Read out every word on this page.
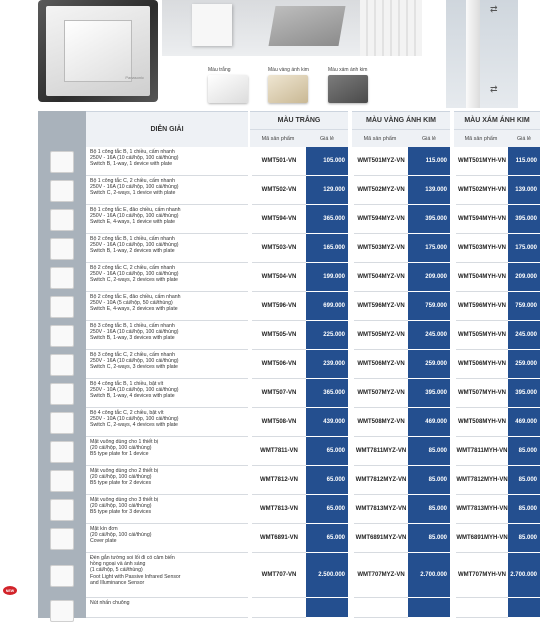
Panasonic
Màu trắng	Màu vàng ánh kim	Màu xám ánh kim
⇄
⇄
DIỄN GIẢI
MÀU TRẮNG	MÀU VÀNG ÁNH KIM	MÀU XÁM ÁNH KIM
Mã sản phẩm	Giá lẻ	Mã sản phẩm	Giá lẻ	Mã sản phẩm	Giá lẻ
Bộ 1 công tắc B, 1 chiều, cấm nhanh
250V - 16A (10 cái/hộp, 100 cái/thùng)
Switch B, 1-way, 1 device with plate
WMT501-VN	105.000	WMT501MYZ-VN	115.000	WMT501MYH-VN	115.000
Bộ 1 công tắc C, 2 chiều, cấm nhanh
250V - 16A (10 cái/hộp, 100 cái/thùng)
Switch C, 2-ways, 1 device with plate
WMT502-VN	129.000	WMT502MYZ-VN	139.000	WMT502MYH-VN	139.000
Bộ 1 công tắc E, đảo chiều, cấm nhanh
250V - 16A (10 cái/hộp, 100 cái/thùng)
Switch E, 4-ways, 1 device with plate
WMT594-VN	365.000	WMT594MYZ-VN	395.000	WMT594MYH-VN	395.000
Bộ 2 công tắc B, 1 chiều, cấm nhanh
250V - 16A (10 cái/hộp, 100 cái/thùng)
Switch B, 1-way, 2 devices with plate
WMT503-VN	165.000	WMT503MYZ-VN	175.000	WMT503MYH-VN	175.000
Bộ 2 công tắc C, 2 chiều, cấm nhanh
250V - 16A (10 cái/hộp, 100 cái/thùng)
Switch C, 2-ways, 2 devices with plate
WMT504-VN	199.000	WMT504MYZ-VN	209.000	WMT504MYH-VN	209.000
Bộ 2 công tắc E, đảo chiều, cấm nhanh
250V - 10A (5 cái/hộp, 50 cái/thùng)
Switch E, 4-ways, 2 devices with plate
WMT596-VN	699.000	WMT596MYZ-VN	759.000	WMT596MYH-VN	759.000
Bộ 3 công tắc B, 1 chiều, cấm nhanh
250V - 16A (10 cái/hộp, 100 cái/thùng)
Switch B, 1-way, 3 devices with plate
WMT505-VN	225.000	WMT505MYZ-VN	245.000	WMT505MYH-VN	245.000
Bộ 3 công tắc C, 2 chiều, cấm nhanh
250V - 16A (10 cái/hộp, 100 cái/thùng)
Switch C, 2-ways, 3 devices with plate
WMT506-VN	239.000	WMT506MYZ-VN	259.000	WMT506MYH-VN	259.000
Bộ 4 công tắc B, 1 chiều, bật vít
250V - 10A (10 cái/hộp, 100 cái/thùng)
Switch B, 1-way, 4 devices with plate
WMT507-VN	365.000	WMT507MYZ-VN	395.000	WMT507MYH-VN	395.000
Bộ 4 công tắc C, 2 chiều, bật vít
250V - 10A (10 cái/hộp, 100 cái/thùng)
Switch C, 2-ways, 4 devices with plate
WMT508-VN	439.000	WMT508MYZ-VN	469.000	WMT508MYH-VN	469.000
Mặt vuông dùng cho 1 thiết bị
(20 cái/hộp, 100 cái/thùng)
B5 type plate for 1 device
WMT7811-VN	65.000	WMT7811MYZ-VN	85.000	WMT7811MYH-VN	85.000
Mặt vuông dùng cho 2 thiết bị
(20 cái/hộp, 100 cái/thùng)
B5 type plate for 2 devices
WMT7812-VN	65.000	WMT7812MYZ-VN	85.000	WMT7812MYH-VN	85.000
Mặt vuông dùng cho 3 thiết bị
(20 cái/hộp, 100 cái/thùng)
B5 type plate for 3 devices
WMT7813-VN	65.000	WMT7813MYZ-VN	85.000	WMT7813MYH-VN	85.000
Mặt kín đơn
(20 cái/hộp, 100 cái/thùng)
Cover plate
WMT6891-VN	65.000	WMT6891MYZ-VN	85.000	WMT6891MYH-VN	85.000
Đèn gắn tường soi lối đi có cảm biến
hồng ngoại và ánh sáng
(1 cái/hộp, 5 cái/thùng)
Foot Light with Passive Infrared Sensor
and Illuminance Sensor
WMT707-VN	2.500.000	WMT707MYZ-VN	2.700.000	WMT707MYH-VN 2.700.000
Nút nhấn chuông
NEW
